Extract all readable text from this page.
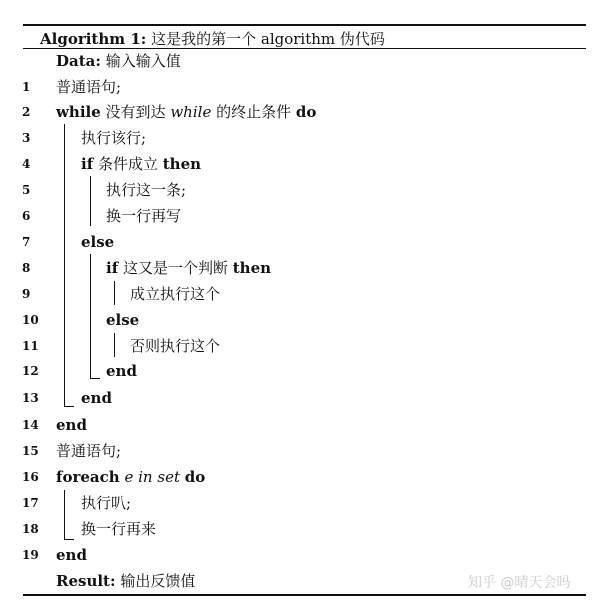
Algorithm 1: 这是我的第一个 algorithm 伪代码
Data: 输入输入值
1	普通语句;
2	while 没有到达 while 的终止条件 do
3	执行该行;
4	if 条件成立 then
5	执行这一条;
6	换一行再写
7	else
8	if 这又是一个判断 then
9	成立执行这个
10	else
11	否则执行这个
12	end
13	end
14	end
15	普通语句;
16	foreach e in set do
17	执行叭;
18	换一行再来
19	end
Result: 输出反馈值	知乎 @晴天会吗
